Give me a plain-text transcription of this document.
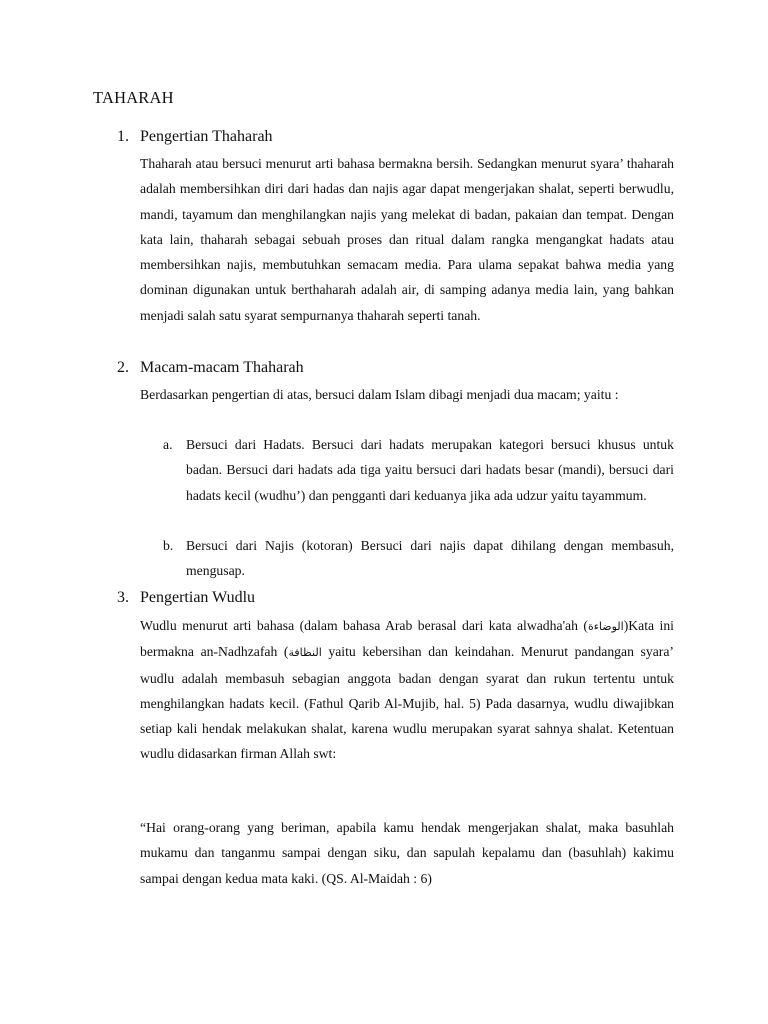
TAHARAH
1. Pengertian Thaharah

Thaharah atau bersuci menurut arti bahasa bermakna bersih. Sedangkan menurut syara’ thaharah adalah membersihkan diri dari hadas dan najis agar dapat mengerjakan shalat, seperti berwudlu, mandi, tayamum dan menghilangkan najis yang melekat di badan, pakaian dan tempat. Dengan kata lain, thaharah sebagai sebuah proses dan ritual dalam rangka mengangkat hadats atau membersihkan najis, membutuhkan semacam media. Para ulama sepakat bahwa media yang dominan digunakan untuk berthaharah adalah air, di samping adanya media lain, yang bahkan menjadi salah satu syarat sempurnanya thaharah seperti tanah.

2. Macam-macam Thaharah

Berdasarkan pengertian di atas, bersuci dalam Islam dibagi menjadi dua macam; yaitu :

a. Bersuci dari Hadats. Bersuci dari hadats merupakan kategori bersuci khusus untuk badan. Bersuci dari hadats ada tiga yaitu bersuci dari hadats besar (mandi), bersuci dari hadats kecil (wudhu’) dan pengganti dari keduanya jika ada udzur yaitu tayammum.

b. Bersuci dari Najis (kotoran) Bersuci dari najis dapat dihilang dengan membasuh, mengusap.

3. Pengertian Wudlu

Wudlu menurut arti bahasa (dalam bahasa Arab berasal dari kata alwadha'ah (الوضاءة)Kata ini bermakna an-Nadhzafah (النظافة yaitu kebersihan dan keindahan. Menurut pandangan syara’ wudlu adalah membasuh sebagian anggota badan dengan syarat dan rukun tertentu untuk menghilangkan hadats kecil. (Fathul Qarib Al-Mujib, hal. 5) Pada dasarnya, wudlu diwajibkan setiap kali hendak melakukan shalat, karena wudlu merupakan syarat sahnya shalat. Ketentuan wudlu didasarkan firman Allah swt:

“Hai orang-orang yang beriman, apabila kamu hendak mengerjakan shalat, maka basuhlah mukamu dan tanganmu sampai dengan siku, dan sapulah kepalamu dan (basuhlah) kakimu sampai dengan kedua mata kaki. (QS. Al-Maidah : 6)
